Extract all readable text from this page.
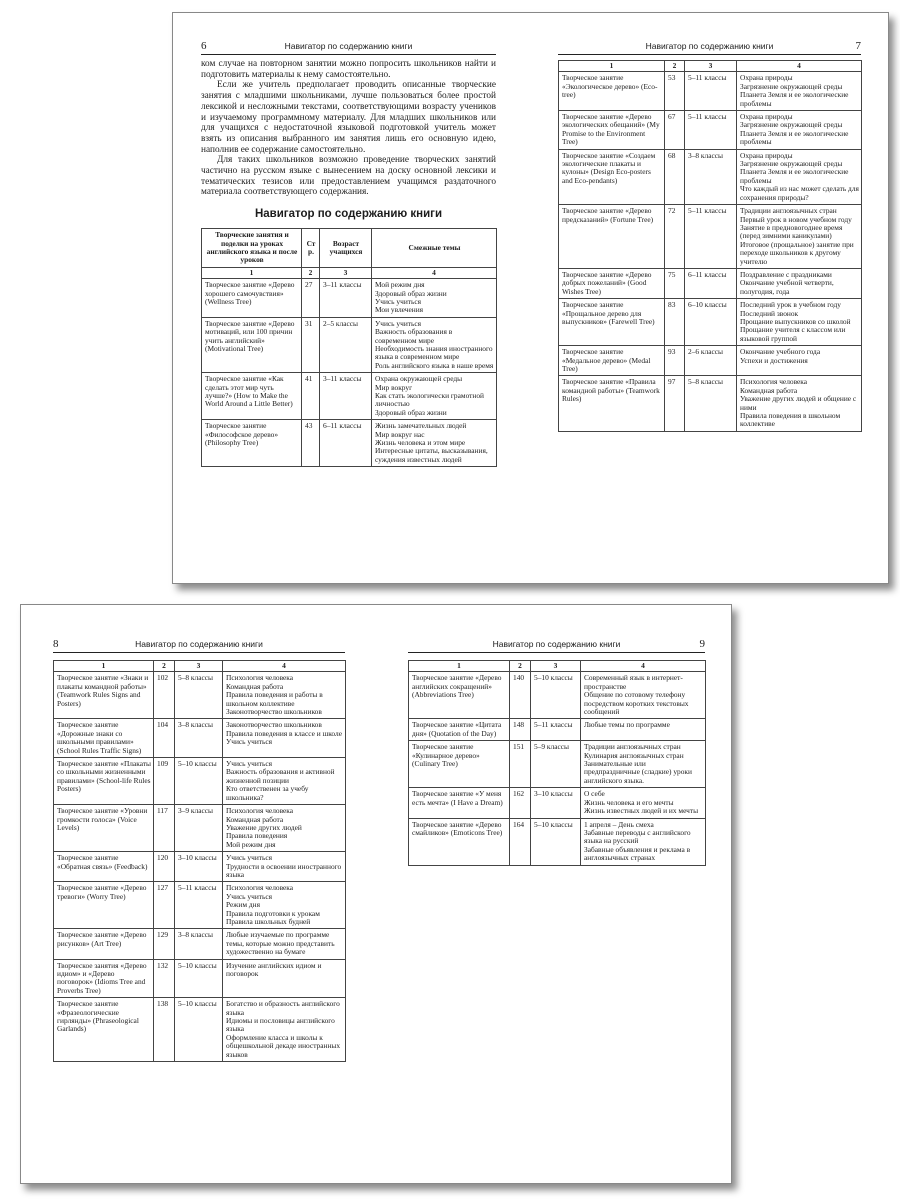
6	Навигатор по содержанию книги

ком случае на повторном занятии можно попросить школьников найти и подготовить материалы к нему самостоятельно.

Если же учитель предполагает проводить описанные творческие занятия с младшими школьниками, лучше пользоваться более простой лексикой и несложными текстами, соответствующими возрасту учеников и изучаемому программному материалу. Для младших школьников или для учащихся с недостаточной языковой подготовкой учитель может взять из описания выбранного им занятия лишь его основную идею, наполнив ее содержание самостоятельно.

Для таких школьников возможно проведение творческих занятий частично на русском языке с вынесением на доску основной лексики и тематических тезисов или предоставлением учащимся раздаточного материала соответствующего содержания.

Навигатор по содержанию книги
Творческие занятия и поделки на уроках английского языка и после уроков	Стр.	Возраст учащихся	Смежные темы
1	2	3	4
Творческое занятие «Дерево хорошего самочувствия» (Wellness Tree)	27	3–11 классы	Мой режим дня
Здоровый образ жизни
Учись учиться
Мои увлечения

Творческое занятие «Дерево мотиваций, или 100 причин учить английский» (Motivational Tree)	31	2–5 классы	Учись учиться
Важность образования в современном мире
Необходимость знания иностранного языка в современном мире
Роль английского языка в наше время

Творческое занятие «Как сделать этот мир чуть лучше?» (How to Make the World Around a Little Better)	41	3–11 классы	Охрана окружающей среды
Мир вокруг
Как стать экологически грамотной личностью
Здоровый образ жизни

Творческое занятие «Философское дерево» (Philosophy Tree)	43	6–11 классы	Жизнь замечательных людей
Мир вокруг нас
Жизнь человека и этом мире
Интересные цитаты, высказывания, суждения известных людей
7
Навигатор по содержанию книги
1	2	3	4
Творческое занятие «Экологическое дерево» (Eco-tree)	53	5–11 классы	Охрана природы
Загрязнение окружающей среды
Планета Земля и ее экологические проблемы

Творческое занятие «Дерево экологических обещаний» (My Promise to the Environment Tree)	67	5–11 классы	Охрана природы
Загрязнение окружающей среды
Планета Земля и ее экологические проблемы

Творческое занятие «Создаем экологические плакаты и кулоны» (Design Eco-posters and Eco-pendants)	68	3–8 классы	Охрана природы
Загрязнение окружающей среды
Планета Земля и ее экологические проблемы
Что каждый из нас может сделать для сохранения природы?

Творческое занятие «Дерево предсказаний» (Fortune Tree)	72	5–11 классы	Традиции англоязычных стран
Первый урок в новом учебном году
Занятие в предновогоднее время (перед зимними каникулами)
Итоговое (прощальное) занятие при переходе школьников к другому учителю

Творческое занятие «Дерево добрых пожеланий» (Good Wishes Tree)	75	6–11 классы	Поздравление с праздниками
Окончание учебной четверти, полугодия, года

Творческое занятие «Прощальное дерево для выпускников» (Farewell Tree)	83	6–10 классы	Последний урок в учебном году
Последний звонок
Прощание выпускников со школой
Прощание учителя с классом или языковой группой

Творческое занятие «Медальное дерево» (Medal Tree)	93	2–6 классы	Окончание учебного года
Успехи и достижения

Творческое занятие «Правила командной работы» (Teamwork Rules)	97	5–8 классы	Психология человека
Командная работа
Уважение других людей и общение с ними
Правила поведения в школьном коллективе
8	Навигатор по содержанию книги
1	2	3	4
Творческое занятие «Знаки и плакаты командной работы» (Teamwork Rules Signs and Posters)	102	5–8 классы	Психология человека
Командная работа
Правила поведения и работы в школьном коллективе
Законотворчество школьников

Творческое занятие «Дорожные знаки со школьными правилами» (School Rules Traffic Signs)	104	3–8 классы	Законотворчество школьников
Правила поведения в классе и школе
Учись учиться

Творческое занятие «Плакаты со школьными жизненными правилами» (School-life Rules Posters)	109	5–10 классы	Учись учиться
Важность образования и активной жизненной позиции
Кто ответственен за учебу школьника?

Творческое занятие «Уровни громкости голоса» (Voice Levels)	117	3–9 классы	Психология человека
Командная работа
Уважение других людей
Правила поведения
Мой режим дня

Творческое занятие «Обратная связь» (Feedback)	120	3–10 классы	Учись учиться
Трудности в освоении иностранного языка

Творческое занятие «Дерево тревоги» (Worry Tree)	127	5–11 классы	Психология человека
Учись учиться
Режим дня
Правила подготовки к урокам
Правила школьных будней

Творческое занятие «Дерево рисунков» (Art Tree)	129	3–8 классы	Любые изучаемые по программе темы, которые можно представить художественно на бумаге

Творческое занятия «Дерево идиом» и «Дерево поговорок» (Idioms Tree and Proverbs Tree)	132	5–10 классы	Изучение английских идиом и поговорок

Творческое занятие «Фразеологические гирлянды» (Phraseological Garlands)	138	5–10 классы	Богатство и образность английского языка
Идиомы и пословицы английского языка
Оформление класса и школы к общешкольной декаде иностранных языков
9
Навигатор по содержанию книги
1	2	3	4
Творческое занятие «Дерево английских сокращений» (Abbreviations Tree)	140	5–10 классы	Современный язык в интернет-пространстве
Общение по сотовому телефону посредством коротких текстовых сообщений

Творческое занятие «Цитата дня» (Quotation of the Day)	148	5–11 классы	Любые темы по программе

Творческое занятие «Кулинарное дерево» (Culinary Tree)	151	5–9 классы	Традиции англоязычных стран
Кулинария англоязычных стран
Занимательные или предпраздничные (сладкие) уроки английского языка.

Творческое занятие «У меня есть мечта» (I Have a Dream)	162	3–10 классы	О себе
Жизнь человека и его мечты
Жизнь известных людей и их мечты

Творческое занятие «Дерево смайликов» (Emoticons Tree)	164	5–10 классы	1 апреля – День смеха
Забавные переводы с английского языка на русский
Забавные объявления и реклама в англоязычных странах
